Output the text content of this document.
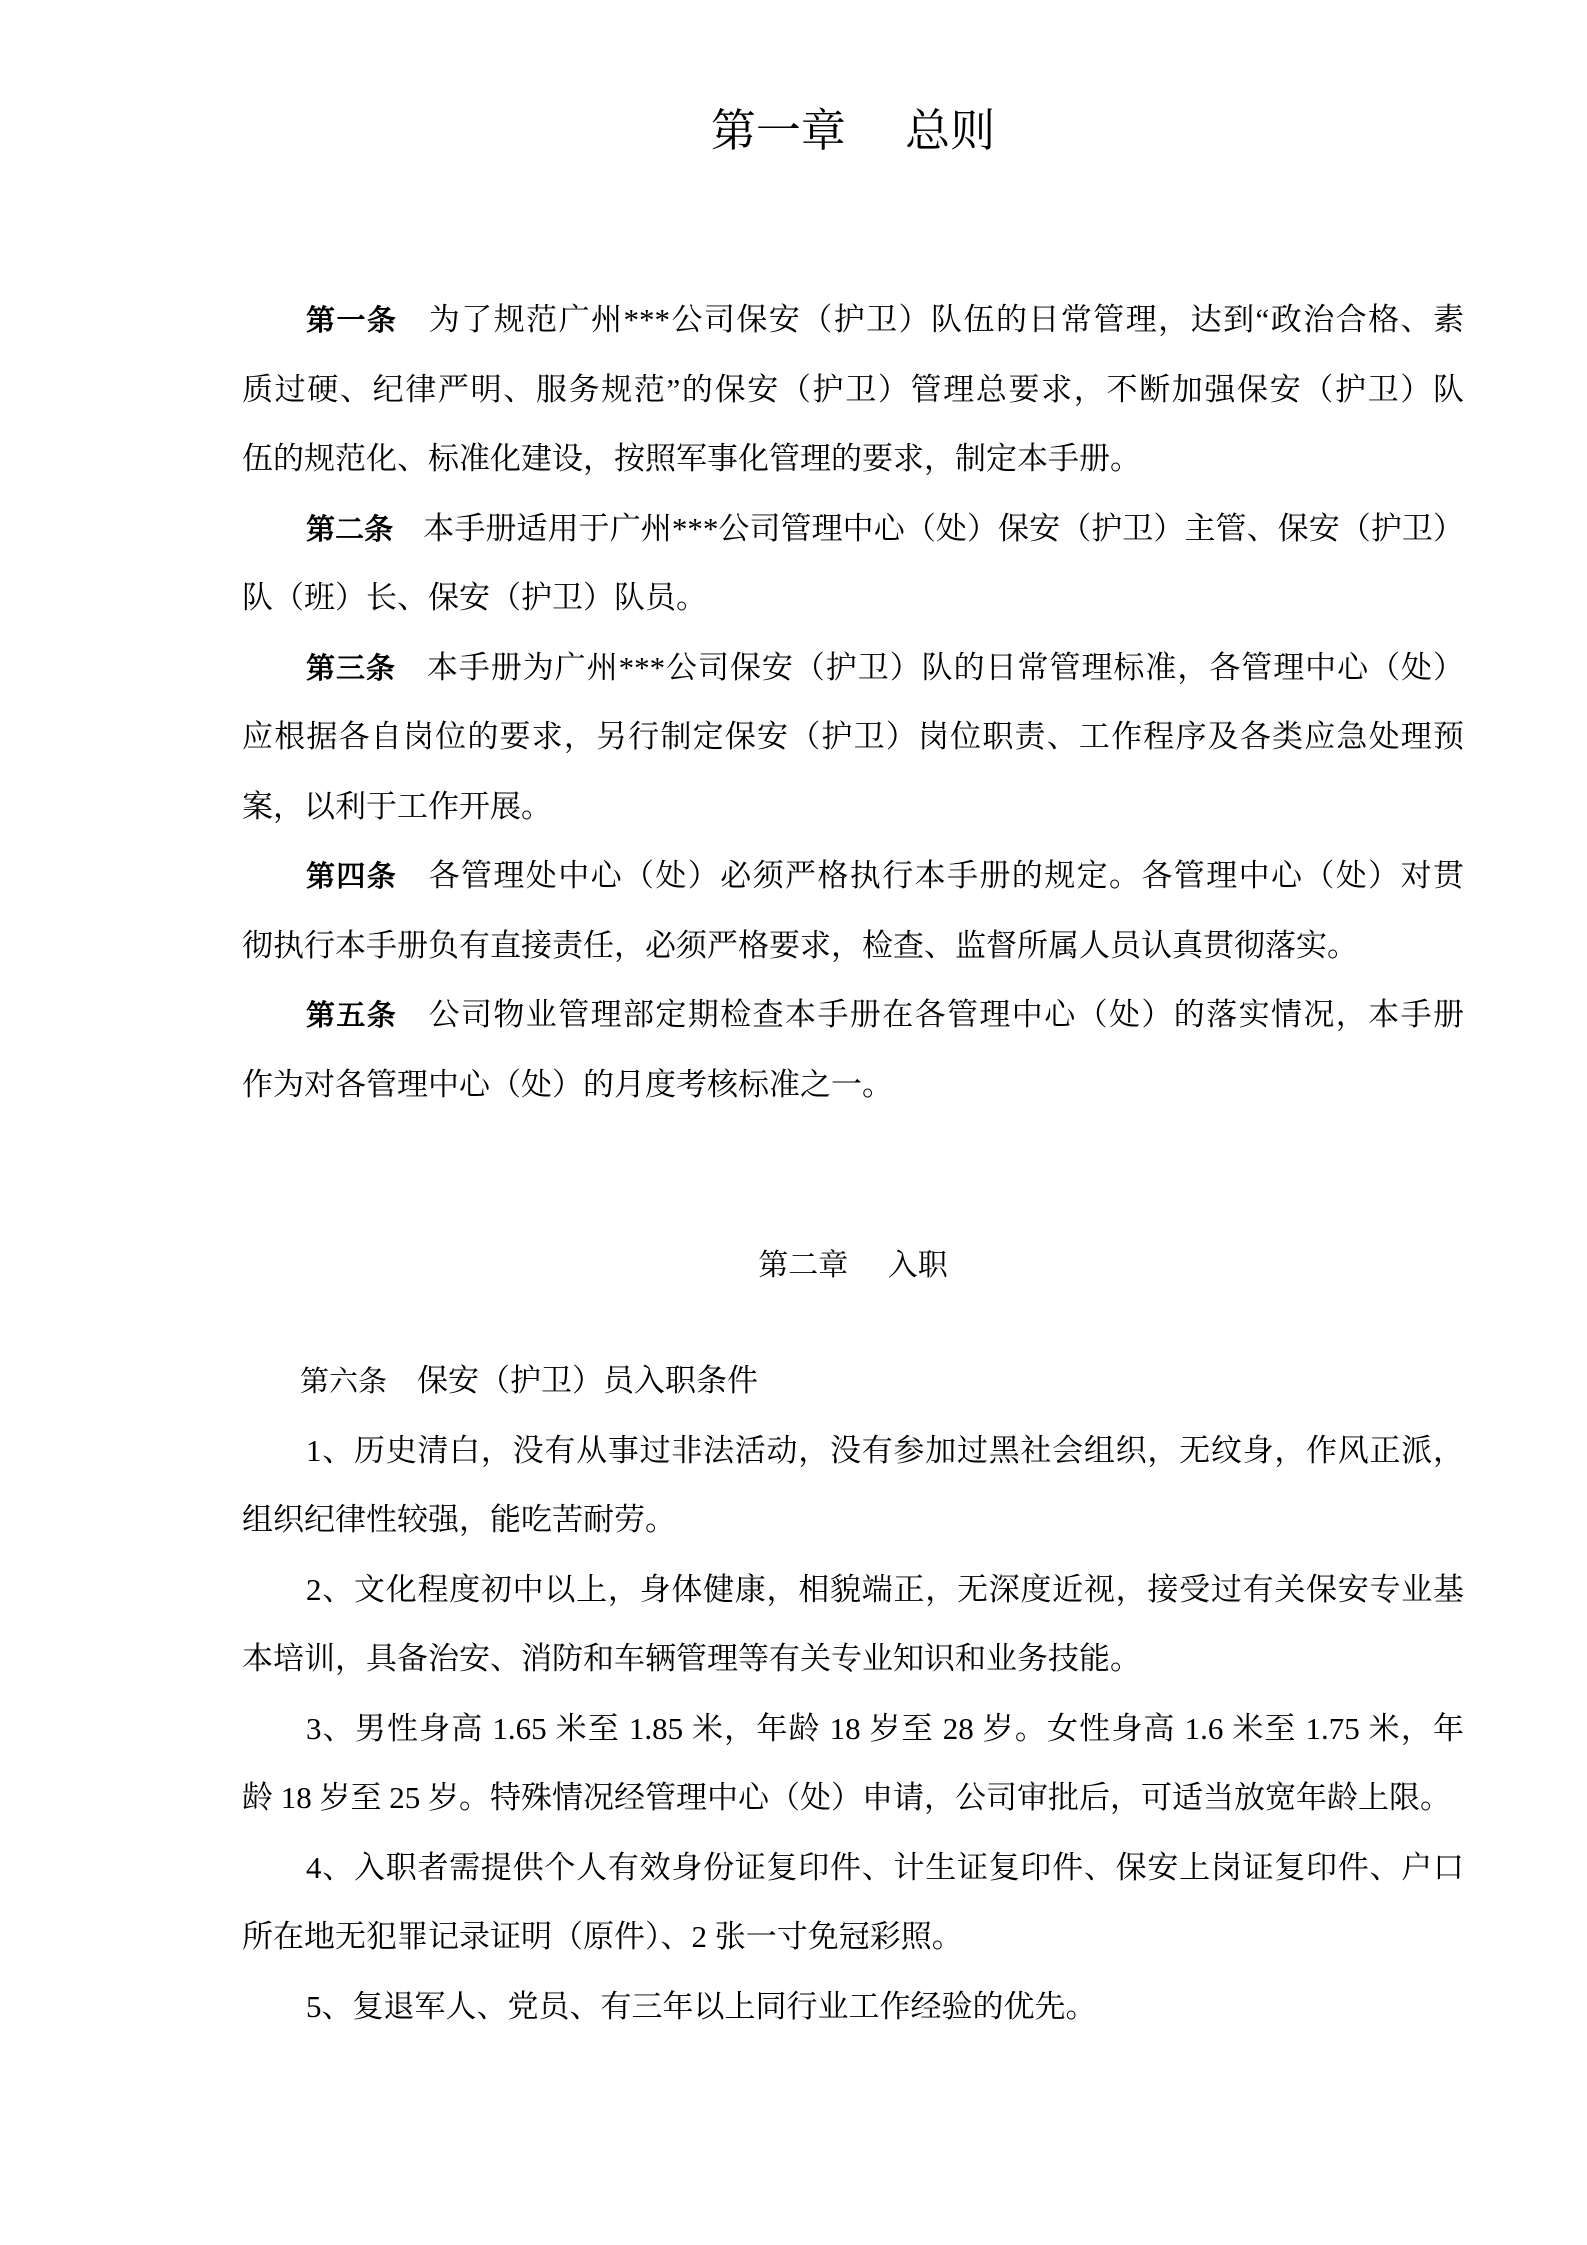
第一章　 总则
第一条 为了规范广州***公司保安（护卫）队伍的日常管理，达到“政治合格、素
质过硬、纪律严明、服务规范”的保安（护卫）管理总要求，不断加强保安（护卫）队
伍的规范化、标准化建设，按照军事化管理的要求，制定本手册。
第二条 本手册适用于广州***公司管理中心（处）保安（护卫）主管、保安（护卫）
队（班）长、保安（护卫）队员。
第三条 本手册为广州***公司保安（护卫）队的日常管理标准，各管理中心（处）
应根据各自岗位的要求，另行制定保安（护卫）岗位职责、工作程序及各类应急处理预
案，以利于工作开展。
第四条 各管理处中心（处）必须严格执行本手册的规定。各管理中心（处）对贯
彻执行本手册负有直接责任，必须严格要求，检查、监督所属人员认真贯彻落实。
第五条 公司物业管理部定期检查本手册在各管理中心（处）的落实情况，本手册
作为对各管理中心（处）的月度考核标准之一。
第二章　 入职
第六条 保安（护卫）员入职条件
1、历史清白，没有从事过非法活动，没有参加过黑社会组织，无纹身，作风正派，
组织纪律性较强，能吃苦耐劳。
2、文化程度初中以上，身体健康，相貌端正，无深度近视，接受过有关保安专业基
本培训，具备治安、消防和车辆管理等有关专业知识和业务技能。
3、男性身高 1.65 米至 1.85 米，年龄 18 岁至 28 岁。女性身高 1.6 米至 1.75 米，年
龄 18 岁至 25 岁。特殊情况经管理中心（处）申请，公司审批后，可适当放宽年龄上限。
4、入职者需提供个人有效身份证复印件、计生证复印件、保安上岗证复印件、户口
所在地无犯罪记录证明（原件）、2 张一寸免冠彩照。
5、复退军人、党员、有三年以上同行业工作经验的优先。
